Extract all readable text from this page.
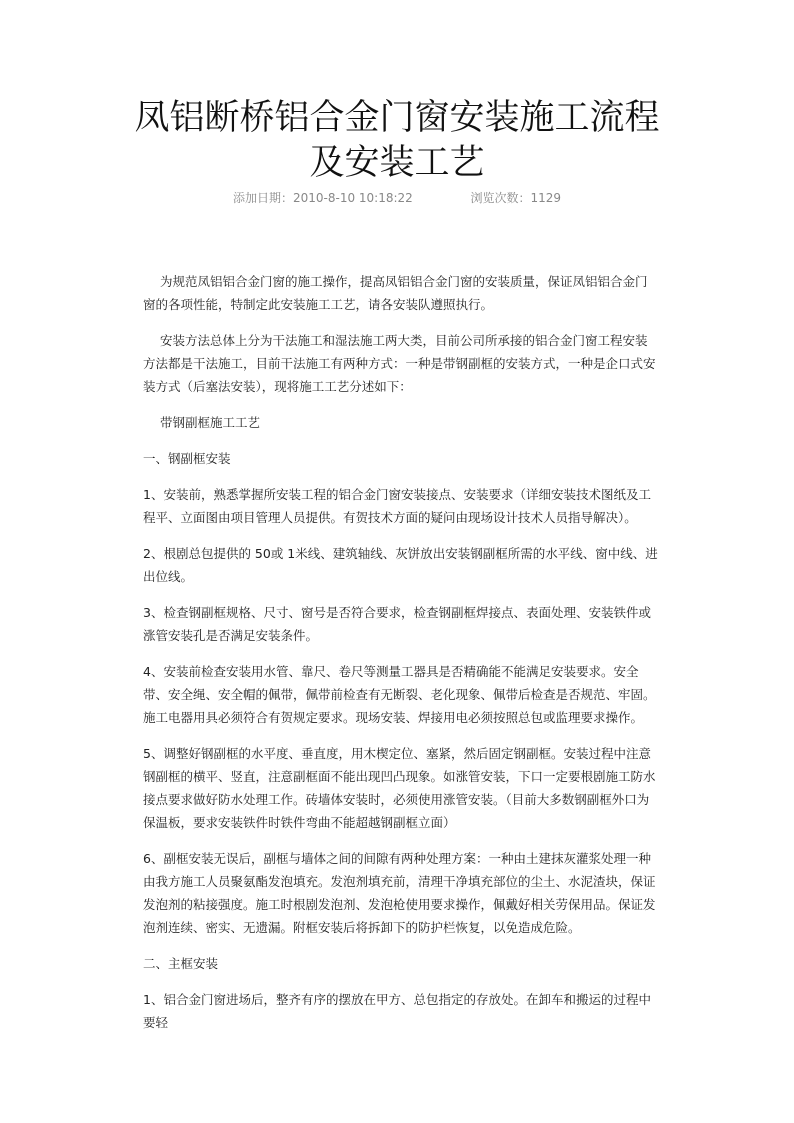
凤铝断桥铝合金门窗安装施工流程
及安装工艺
添加日期：2010-8-10 10:18:22	浏览次数：1129

为规范凤铝铝合金门窗的施工操作，提高凤铝铝合金门窗的安装质量，保证凤铝铝合金门窗的各项性能，特制定此安装施工工艺，请各安装队遵照执行。

安装方法总体上分为干法施工和湿法施工两大类，目前公司所承接的铝合金门窗工程安装方法都是干法施工，目前干法施工有两种方式：一种是带钢副框的安装方式，一种是企口式安装方式（后塞法安装），现将施工工艺分述如下：

带钢副框施工工艺

一、钢副框安装

1、安装前，熟悉掌握所安装工程的铝合金门窗安装接点、安装要求（详细安装技术图纸及工程平、立面图由项目管理人员提供。有贺技术方面的疑问由现场设计技术人员指导解决）。

2、根剧总包提供的 50或 1米线、建筑轴线、灰饼放出安装钢副框所需的水平线、窗中线、进出位线。

3、检查钢副框规格、尺寸、窗号是否符合要求，检查钢副框焊接点、表面处理、安装铁件或涨管安装孔是否满足安装条件。

4、安装前检查安装用水管、靠尺、卷尺等测量工器具是否精确能不能满足安装要求。安全带、安全绳、安全帽的佩带，佩带前检查有无断裂、老化现象、佩带后检查是否规范、牢固。施工电器用具必须符合有贺规定要求。现场安装、焊接用电必须按照总包或监理要求操作。

5、调整好钢副框的水平度、垂直度，用木楔定位、塞紧，然后固定钢副框。安装过程中注意钢副框的横平、竖直，注意副框面不能出现凹凸现象。如涨管安装，下口一定要根剧施工防水接点要求做好防水处理工作。砖墙体安装时，必须使用涨管安装。（目前大多数钢副框外口为保温板，要求安装铁件时铁件弯曲不能超越钢副框立面）

6、副框安装无误后，副框与墙体之间的间隙有两种处理方案：一种由土建抹灰灌浆处理一种由我方施工人员聚氨酯发泡填充。发泡剂填充前，清理干净填充部位的尘土、水泥渣块，保证发泡剂的粘接强度。施工时根剧发泡剂、发泡枪使用要求操作，佩戴好相关劳保用品。保证发泡剂连续、密实、无遗漏。附框安装后将拆卸下的防护栏恢复，以免造成危险。

二、主框安装

1、铝合金门窗进场后，整齐有序的摆放在甲方、总包指定的存放处。在卸车和搬运的过程中要轻
